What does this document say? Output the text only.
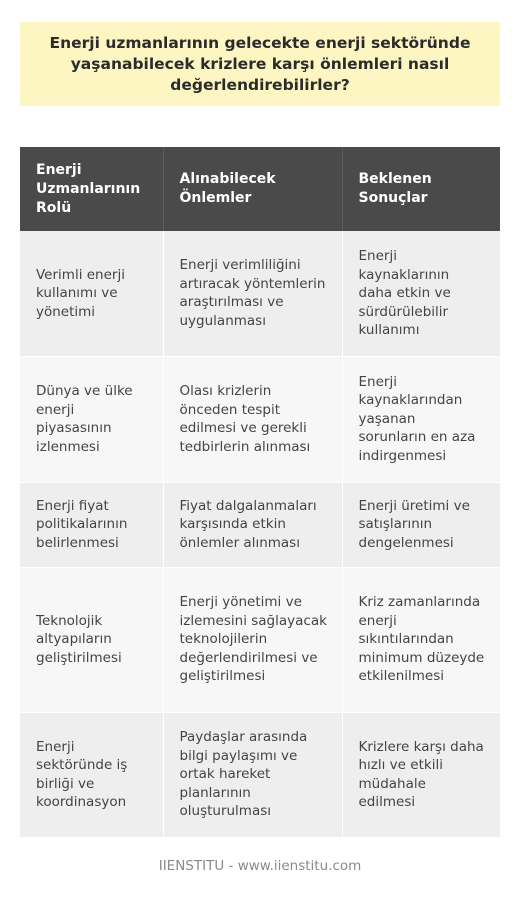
Enerji uzmanlarının gelecekte enerji sektöründe yaşanabilecek krizlere karşı önlemleri nasıl değerlendirebilirler?
Enerji Uzmanlarının Rolü	Alınabilecek Önlemler	Beklenen Sonuçlar
Verimli enerji kullanımı ve yönetimi	Enerji verimliliğini artıracak yöntemlerin araştırılması ve uygulanması	Enerji kaynaklarının daha etkin ve sürdürülebilir kullanımı
Dünya ve ülke enerji piyasasının izlenmesi	Olası krizlerin önceden tespit edilmesi ve gerekli tedbirlerin alınması	Enerji kaynaklarından yaşanan sorunların en aza indirgenmesi
Enerji fiyat politikalarının belirlenmesi	Fiyat dalgalanmaları karşısında etkin önlemler alınması	Enerji üretimi ve satışlarının dengelenmesi
Teknolojik altyapıların geliştirilmesi	Enerji yönetimi ve izlemesini sağlayacak teknolojilerin değerlendirilmesi ve geliştirilmesi	Kriz zamanlarında enerji sıkıntılarından minimum düzeyde etkilenilmesi
Enerji sektöründe iş birliği ve koordinasyon	Paydaşlar arasında bilgi paylaşımı ve ortak hareket planlarının oluşturulması	Krizlere karşı daha hızlı ve etkili müdahale edilmesi
IIENSTITU - www.iienstitu.com
